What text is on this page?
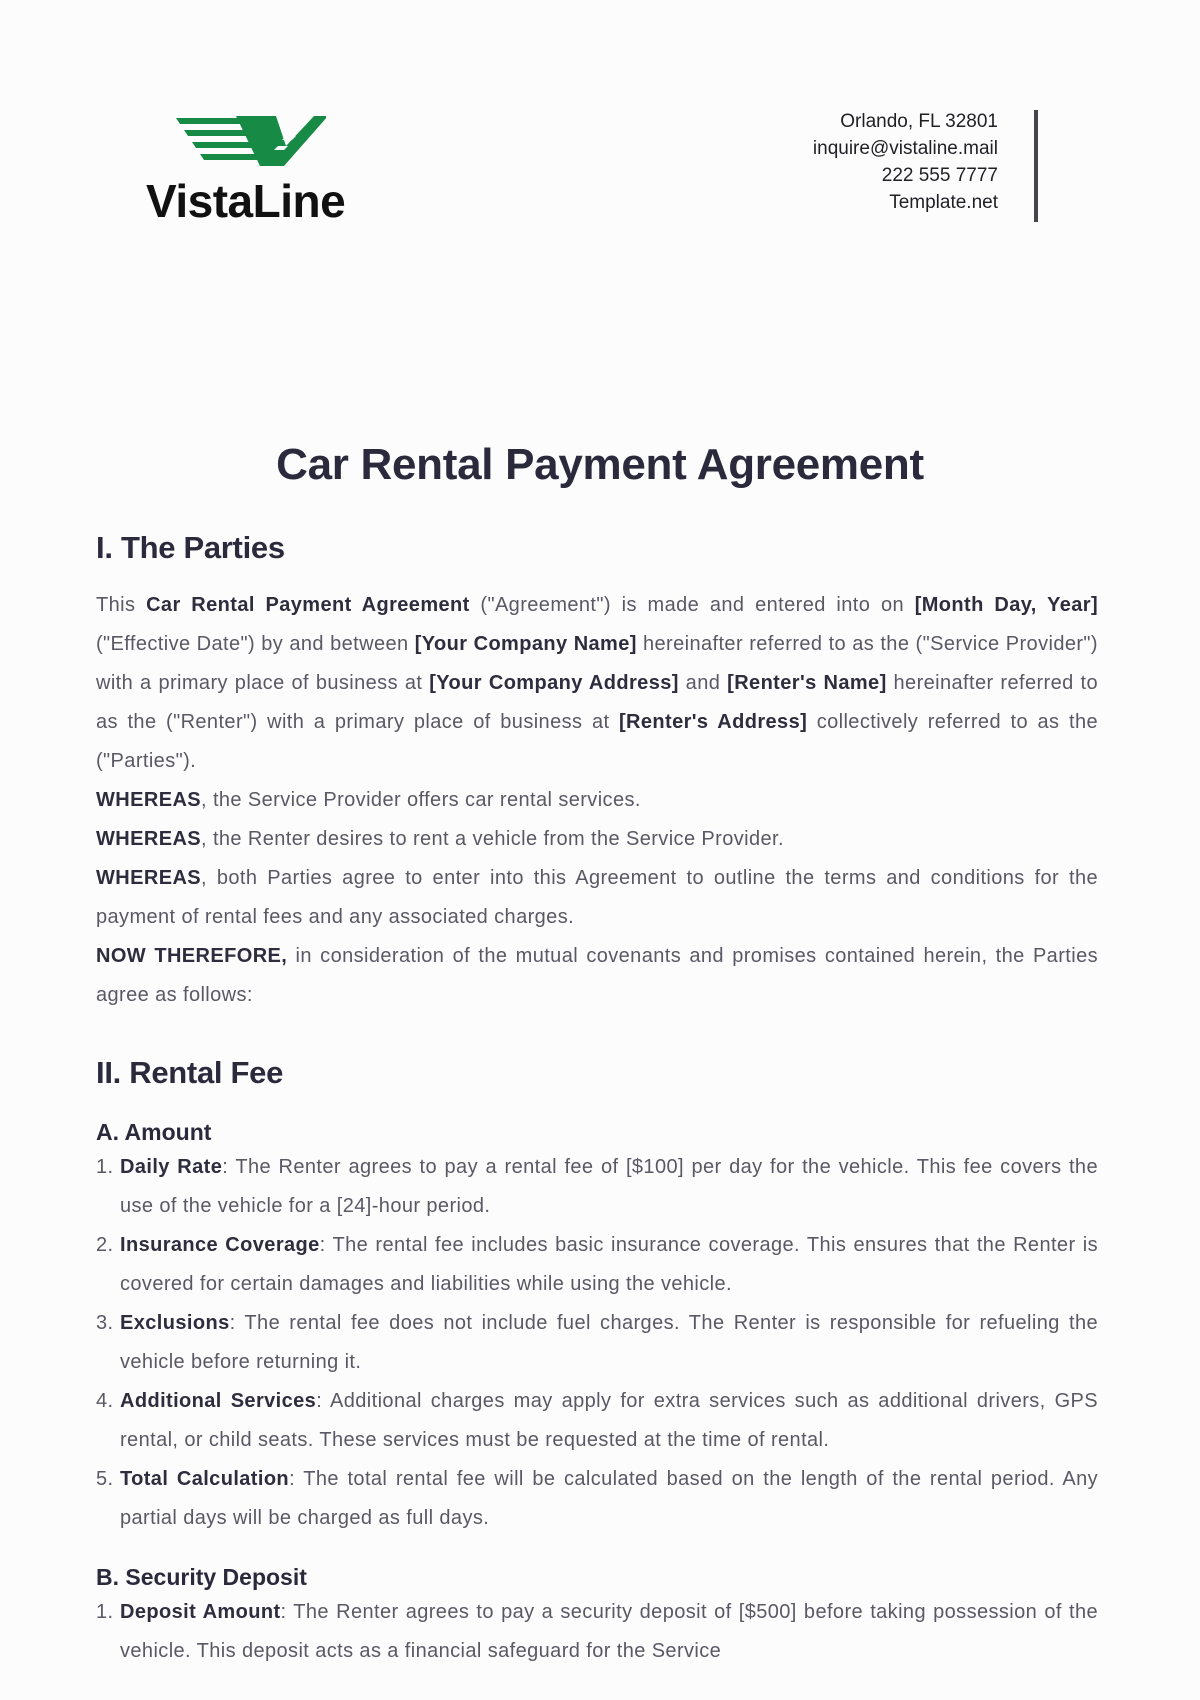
VistaLine
Orlando, FL 32801
inquire@vistaline.mail
222 555 7777
Template.net
Car Rental Payment Agreement
I. The Parties

This Car Rental Payment Agreement ("Agreement") is made and entered into on [Month Day, Year] ("Effective Date") by and between [Your Company Name] hereinafter referred to as the ("Service Provider") with a primary place of business at [Your Company Address] and [Renter's Name] hereinafter referred to as the ("Renter") with a primary place of business at [Renter's Address] collectively referred to as the ("Parties").

WHEREAS, the Service Provider offers car rental services.

WHEREAS, the Renter desires to rent a vehicle from the Service Provider.

WHEREAS, both Parties agree to enter into this Agreement to outline the terms and conditions for the payment of rental fees and any associated charges.

NOW THEREFORE, in consideration of the mutual covenants and promises contained herein, the Parties agree as follows:

II. Rental Fee
A. Amount
1. Daily Rate: The Renter agrees to pay a rental fee of [$100] per day for the vehicle. This fee covers the use of the vehicle for a [24]-hour period.
2. Insurance Coverage: The rental fee includes basic insurance coverage. This ensures that the Renter is covered for certain damages and liabilities while using the vehicle.
3. Exclusions: The rental fee does not include fuel charges. The Renter is responsible for refueling the vehicle before returning it.
4. Additional Services: Additional charges may apply for extra services such as additional drivers, GPS rental, or child seats. These services must be requested at the time of rental.
5. Total Calculation: The total rental fee will be calculated based on the length of the rental period. Any partial days will be charged as full days.
B. Security Deposit
1. Deposit Amount: The Renter agrees to pay a security deposit of [$500] before taking possession of the vehicle. This deposit acts as a financial safeguard for the Service
